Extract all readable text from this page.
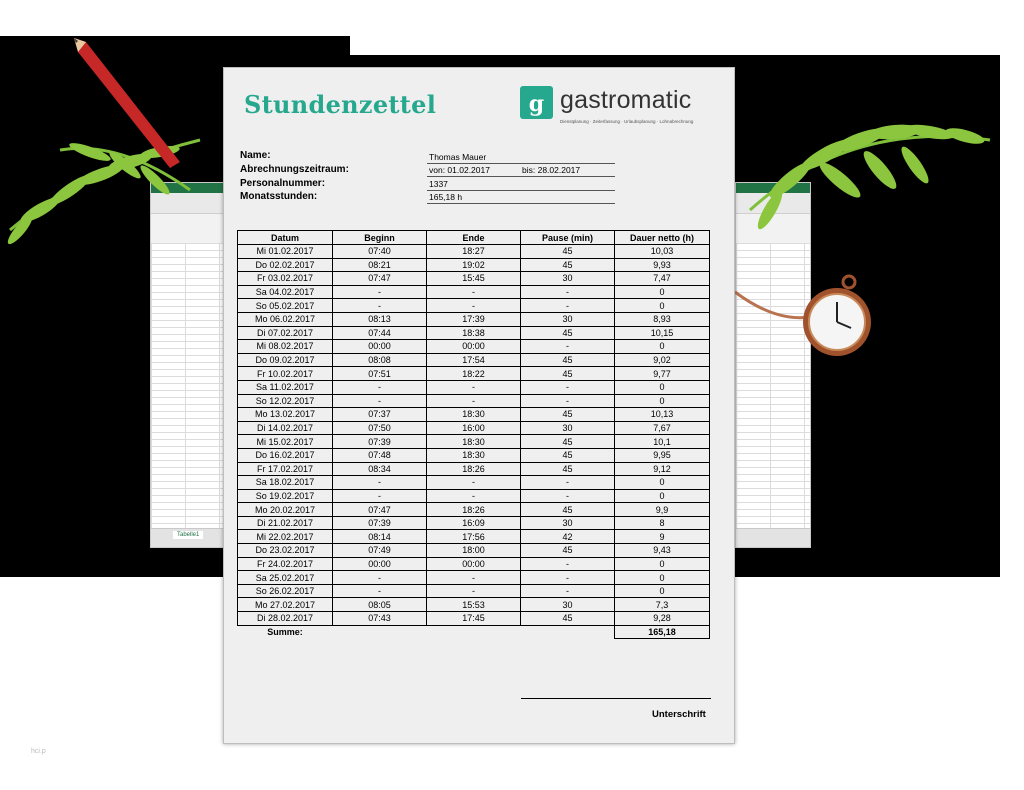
Tabelle1
Stundenzettel	g gastromatic
Dienstplanung · Zeiterfassung · Urlaubsplanung · Lohnabrechnung
Name:	Thomas Mauer
Abrechnungszeitraum:	von: 01.02.2017	bis: 28.02.2017
Personalnummer:	1337
Monatsstunden:	165,18 h
Datum	Beginn	Ende	Pause (min)	Dauer netto (h)
Mi 01.02.2017	07:40	18:27	45	10,03
Do 02.02.2017	08:21	19:02	45	9,93
Fr 03.02.2017	07:47	15:45	30	7,47
Sa 04.02.2017	-	-	-	0
So 05.02.2017	-	-	-	0
Mo 06.02.2017	08:13	17:39	30	8,93
Di 07.02.2017	07:44	18:38	45	10,15
Mi 08.02.2017	00:00	00:00	-	0
Do 09.02.2017	08:08	17:54	45	9,02
Fr 10.02.2017	07:51	18:22	45	9,77
Sa 11.02.2017	-	-	-	0
So 12.02.2017	-	-	-	0
Mo 13.02.2017	07:37	18:30	45	10,13
Di 14.02.2017	07:50	16:00	30	7,67
Mi 15.02.2017	07:39	18:30	45	10,1
Do 16.02.2017	07:48	18:30	45	9,95
Fr 17.02.2017	08:34	18:26	45	9,12
Sa 18.02.2017	-	-	-	0
So 19.02.2017	-	-	-	0
Mo 20.02.2017	07:47	18:26	45	9,9
Di 21.02.2017	07:39	16:09	30	8
Mi 22.02.2017	08:14	17:56	42	9
Do 23.02.2017	07:49	18:00	45	9,43
Fr 24.02.2017	00:00	00:00	-	0
Sa 25.02.2017	-	-	-	0
So 26.02.2017	-	-	-	0
Mo 27.02.2017	08:05	15:53	30	7,3
Di 28.02.2017	07:43	17:45	45	9,28
Summe:				165,18
Unterschrift
hci.p
